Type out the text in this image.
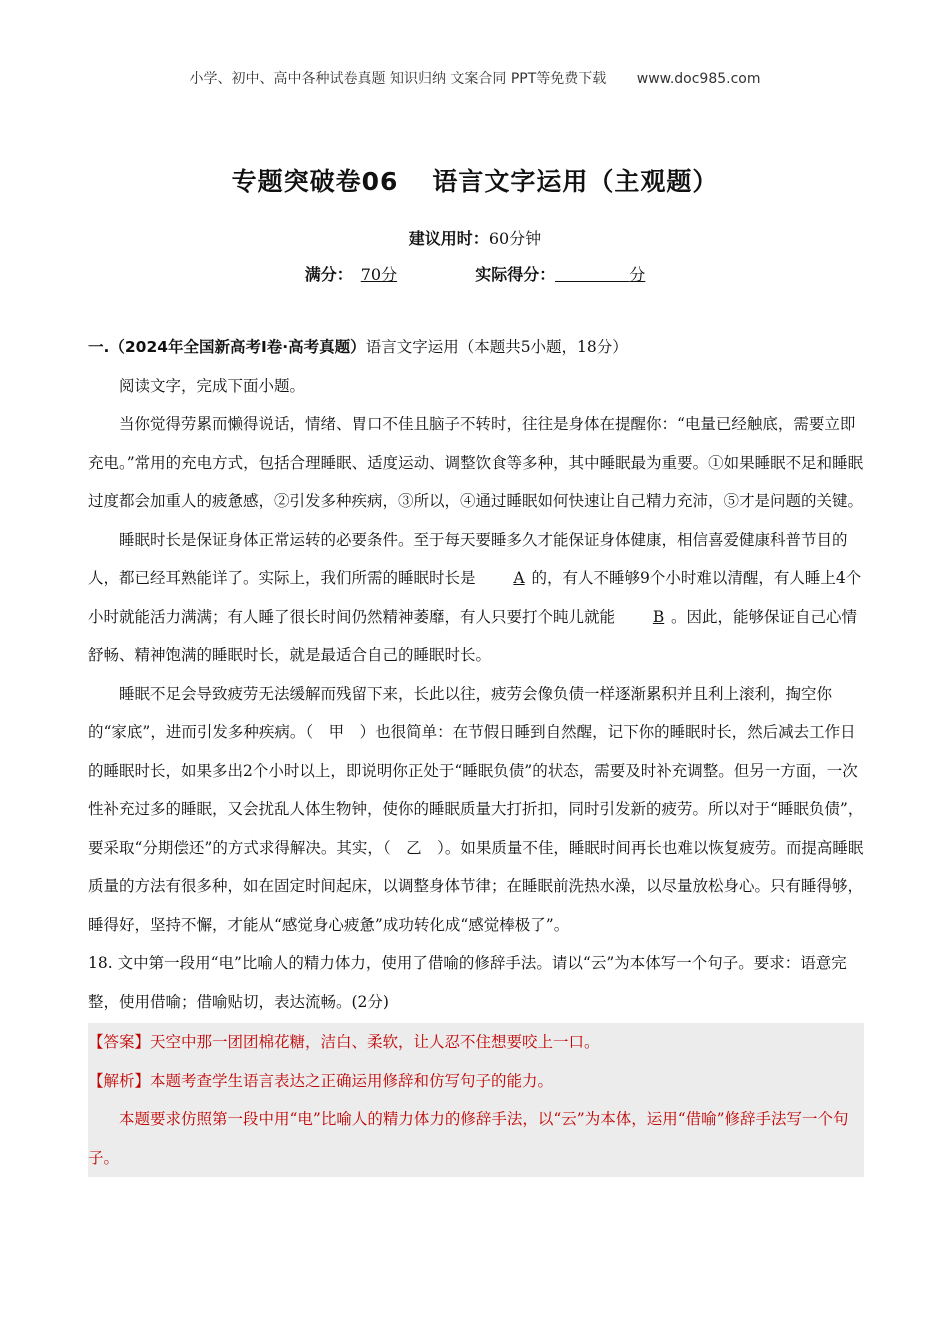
小学、初中、高中各种试卷真题 知识归纳 文案合同 PPT等免费下载 www.doc985.com
专题突破卷06 语言文字运用（主观题）
建议用时：60分钟
满分： 70分	实际得分：	分

一.（2024年全国新高考Ⅰ卷·高考真题）语言文字运用（本题共5小题，18分）

阅读文字，完成下面小题。

当你觉得劳累而懒得说话，情绪、胃口不佳且脑子不转时，往往是身体在提醒你：“电量已经触底，需要立即充电。”常用的充电方式，包括合理睡眠、适度运动、调整饮食等多种，其中睡眠最为重要。①如果睡眠不足和睡眠过度都会加重人的疲惫感，②引发多种疾病，③所以，④通过睡眠如何快速让自己精力充沛，⑤才是问题的关键。

睡眠时长是保证身体正常运转的必要条件。至于每天要睡多久才能保证身体健康，相信喜爱健康科普节目的人，都已经耳熟能详了。实际上，我们所需的睡眠时长是 A 的，有人不睡够9个小时难以清醒，有人睡上4个小时就能活力满满；有人睡了很长时间仍然精神萎靡，有人只要打个盹儿就能 B 。因此，能够保证自己心情舒畅、精神饱满的睡眠时长，就是最适合自己的睡眠时长。

睡眠不足会导致疲劳无法缓解而残留下来，长此以往，疲劳会像负债一样逐渐累积并且利上滚利，掏空你的“家底”，进而引发多种疾病。（　甲　）也很简单：在节假日睡到自然醒，记下你的睡眠时长，然后减去工作日的睡眠时长，如果多出2个小时以上，即说明你正处于“睡眠负债”的状态，需要及时补充调整。但另一方面，一次性补充过多的睡眠，又会扰乱人体生物钟，使你的睡眠质量大打折扣，同时引发新的疲劳。所以对于“睡眠负债”，要采取“分期偿还”的方式求得解决。其实，（　乙　）。如果质量不佳，睡眠时间再长也难以恢复疲劳。而提高睡眠质量的方法有很多种，如在固定时间起床，以调整身体节律；在睡眠前洗热水澡，以尽量放松身心。只有睡得够，睡得好，坚持不懈，才能从“感觉身心疲惫”成功转化成“感觉棒极了”。

18. 文中第一段用“电”比喻人的精力体力，使用了借喻的修辞手法。请以“云”为本体写一个句子。要求：语意完整，使用借喻；借喻贴切，表达流畅。(2分)

【答案】天空中那一团团棉花糖，洁白、柔软，让人忍不住想要咬上一口。

【解析】本题考查学生语言表达之正确运用修辞和仿写句子的能力。

本题要求仿照第一段中用“电”比喻人的精力体力的修辞手法，以“云”为本体，运用“借喻”修辞手法写一个句子。
